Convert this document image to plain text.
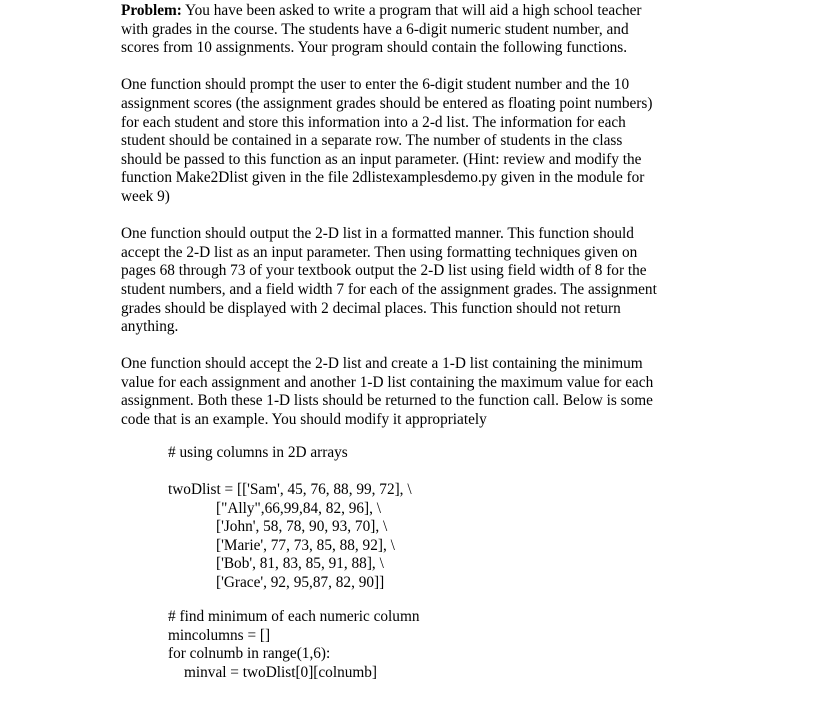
Problem: You have been asked to write a program that will aid a high school teacher
with grades in the course. The students have a 6-digit numeric student number, and
scores from 10 assignments. Your program should contain the following functions.
One function should prompt the user to enter the 6-digit student number and the 10
assignment scores (the assignment grades should be entered as floating point numbers)
for each student and store this information into a 2-d list. The information for each
student should be contained in a separate row. The number of students in the class
should be passed to this function as an input parameter. (Hint: review and modify the
function Make2Dlist given in the file 2dlistexamplesdemo.py given in the module for
week 9)
One function should output the 2-D list in a formatted manner. This function should
accept the 2-D list as an input parameter. Then using formatting techniques given on
pages 68 through 73 of your textbook output the 2-D list using field width of 8 for the
student numbers, and a field width 7 for each of the assignment grades. The assignment
grades should be displayed with 2 decimal places. This function should not return
anything.
One function should accept the 2-D list and create a 1-D list containing the minimum
value for each assignment and another 1-D list containing the maximum value for each
assignment. Both these 1-D lists should be returned to the function call. Below is some
code that is an example. You should modify it appropriately
# using columns in 2D arrays
twoDlist = [['Sam', 45, 76, 88, 99, 72], \
["Ally",66,99,84, 82, 96], \
['John', 58, 78, 90, 93, 70], \
['Marie', 77, 73, 85, 88, 92], \
['Bob', 81, 83, 85, 91, 88], \
['Grace', 92, 95,87, 82, 90]]
# find minimum of each numeric column
mincolumns = []
for colnumb in range(1,6):
minval = twoDlist[0][colnumb]
